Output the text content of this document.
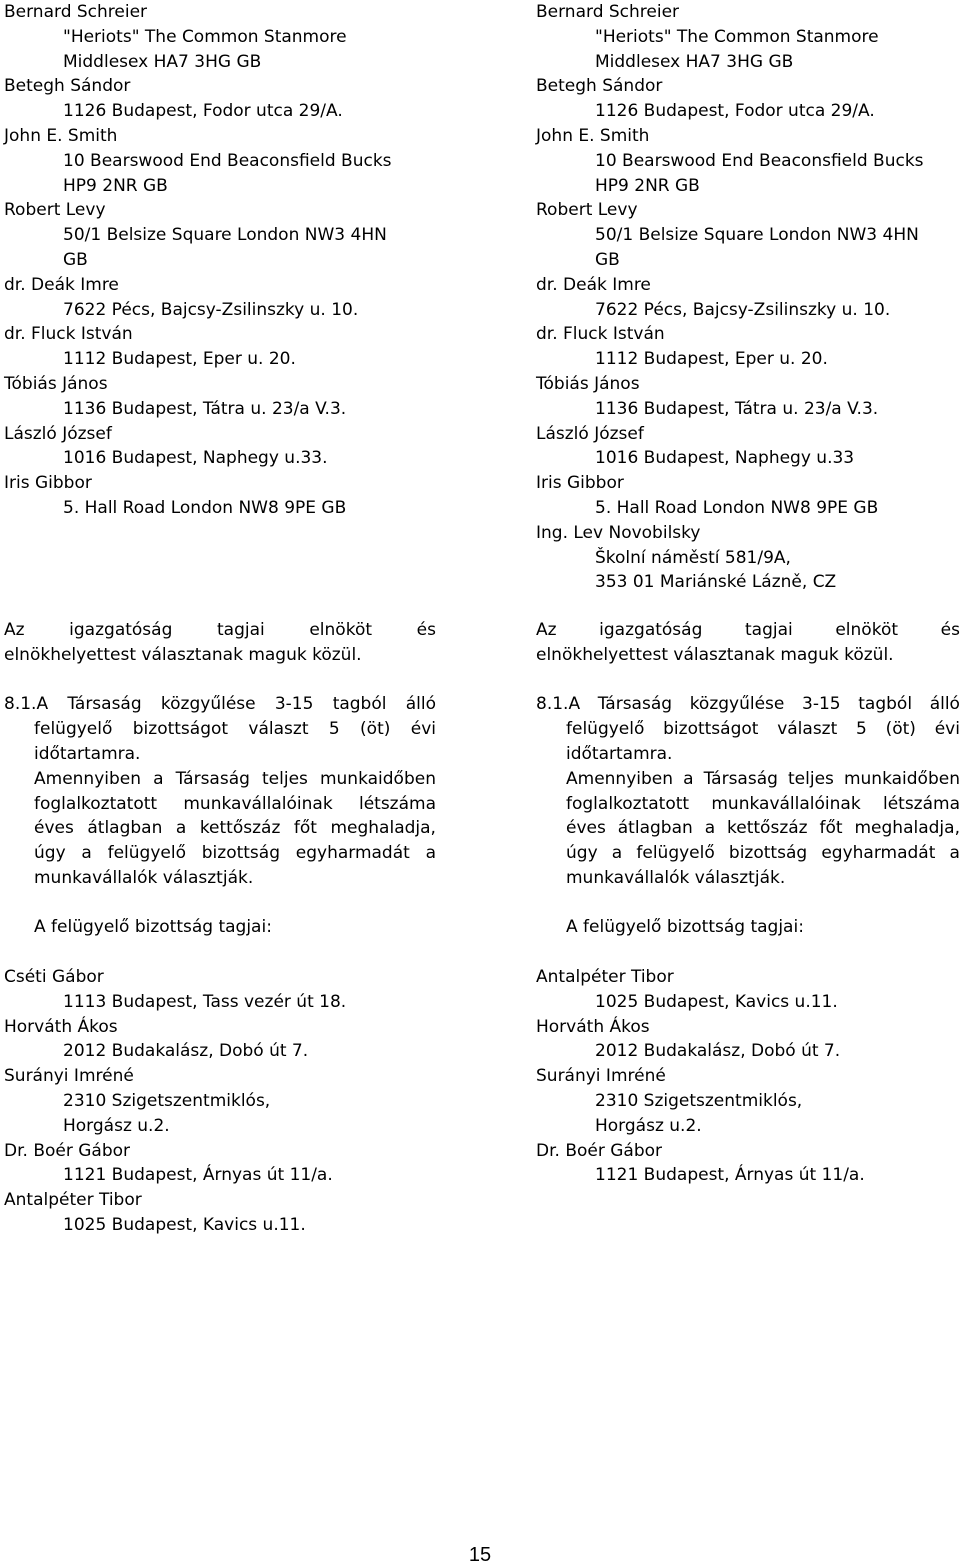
Bernard Schreier
"Heriots" The Common Stanmore
Middlesex HA7 3HG GB
Betegh Sándor
1126 Budapest, Fodor utca 29/A.
John E. Smith
10 Bearswood End Beaconsfield Bucks
HP9 2NR GB
Robert Levy
50/1 Belsize Square London NW3 4HN
GB
dr. Deák Imre
7622 Pécs, Bajcsy-Zsilinszky u. 10.
dr. Fluck István
1112 Budapest, Eper u. 20.
Tóbiás János
1136 Budapest, Tátra u. 23/a V.3.
László József
1016 Budapest, Naphegy u.33.
Iris Gibbor
5. Hall Road London NW8 9PE GB
Az	igazgatóság	tagjai	elnököt	és
elnökhelyettest választanak maguk közül.
8.1.A Társaság közgyűlése 3-15 tagból álló
felügyelő bizottságot választ 5 (öt) évi
időtartamra.
Amennyiben a Társaság teljes munkaidőben
foglalkoztatott munkavállalóinak létszáma
éves átlagban a kettőszáz főt meghaladja,
úgy a felügyelő bizottság egyharmadát a
munkavállalók választják.
A felügyelő bizottság tagjai:
Cséti Gábor
1113 Budapest, Tass vezér út 18.
Horváth Ákos
2012 Budakalász, Dobó út 7.
Surányi Imréné
2310 Szigetszentmiklós,
Horgász u.2.
Dr. Boér Gábor
1121 Budapest, Árnyas út 11/a.
Antalpéter Tibor
1025 Budapest, Kavics u.11.
Bernard Schreier
"Heriots" The Common Stanmore
Middlesex HA7 3HG GB
Betegh Sándor
1126 Budapest, Fodor utca 29/A.
John E. Smith
10 Bearswood End Beaconsfield Bucks
HP9 2NR GB
Robert Levy
50/1 Belsize Square London NW3 4HN
GB
dr. Deák Imre
7622 Pécs, Bajcsy-Zsilinszky u. 10.
dr. Fluck István
1112 Budapest, Eper u. 20.
Tóbiás János
1136 Budapest, Tátra u. 23/a V.3.
László József
1016 Budapest, Naphegy u.33
Iris Gibbor
5. Hall Road London NW8 9PE GB
Ing. Lev Novobilsky
Školní náměstí 581/9A,
353 01 Mariánské Lázně, CZ
Az	igazgatóság	tagjai	elnököt	és
elnökhelyettest választanak maguk közül.
8.1.A Társaság közgyűlése 3-15 tagból álló
felügyelő bizottságot választ 5 (öt) évi
időtartamra.
Amennyiben a Társaság teljes munkaidőben
foglalkoztatott munkavállalóinak létszáma
éves átlagban a kettőszáz főt meghaladja,
úgy a felügyelő bizottság egyharmadát a
munkavállalók választják.
A felügyelő bizottság tagjai:
Antalpéter Tibor
1025 Budapest, Kavics u.11.
Horváth Ákos
2012 Budakalász, Dobó út 7.
Surányi Imréné
2310 Szigetszentmiklós,
Horgász u.2.
Dr. Boér Gábor
1121 Budapest, Árnyas út 11/a.
15
